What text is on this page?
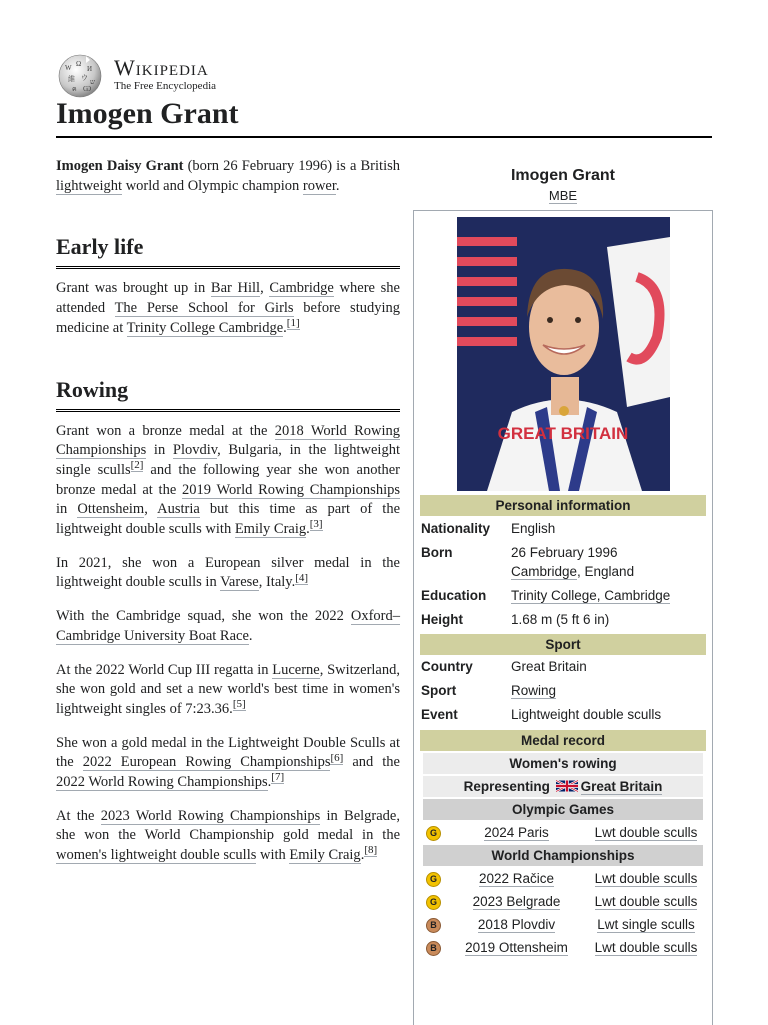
W Ω
И
維 ウ ש
ค Ѡ
Wikipedia
The Free Encyclopedia
Imogen Grant

Imogen Daisy Grant (born 26 February 1996) is a British lightweight world and Olympic champion rower.

Early life

Grant was brought up in Bar Hill, Cambridge where she attended The Perse School for Girls before studying medicine at Trinity College Cambridge.[1]

Rowing

Grant won a bronze medal at the 2018 World Rowing Championships in Plovdiv, Bulgaria, in the lightweight single sculls[2] and the following year she won another bronze medal at the 2019 World Rowing Championships in Ottensheim, Austria but this time as part of the lightweight double sculls with Emily Craig.[3]

In 2021, she won a European silver medal in the lightweight double sculls in Varese, Italy.[4]

With the Cambridge squad, she won the 2022 Oxford–Cambridge University Boat Race.

At the 2022 World Cup III regatta in Lucerne, Switzerland, she won gold and set a new world's best time in women's lightweight singles of 7:23.36.[5]

She won a gold medal in the Lightweight Double Sculls at the 2022 European Rowing Championships[6] and the 2022 World Rowing Championships.[7]

At the 2023 World Rowing Championships in Belgrade, she won the World Championship gold medal in the women's lightweight double sculls with Emily Craig.[8]

Imogen Grant
MBE
GREAT BRITAIN
Personal information
Nationality English
Born	26 February 1996
Cambridge, England
Education Trinity College, Cambridge
Height	1.68 m (5 ft 6 in)
Sport
Country	Great Britain
Sport	Rowing
Event	Lightweight double sculls
Medal record
Women's rowing
Representing Great Britain
Olympic Games
G	2024 Paris	Lwt double sculls
World Championships
G	2022 Račice	Lwt double sculls
G	2023 Belgrade	Lwt double sculls
B	2018 Plovdiv	Lwt single sculls
B	2019 Ottensheim	Lwt double sculls
